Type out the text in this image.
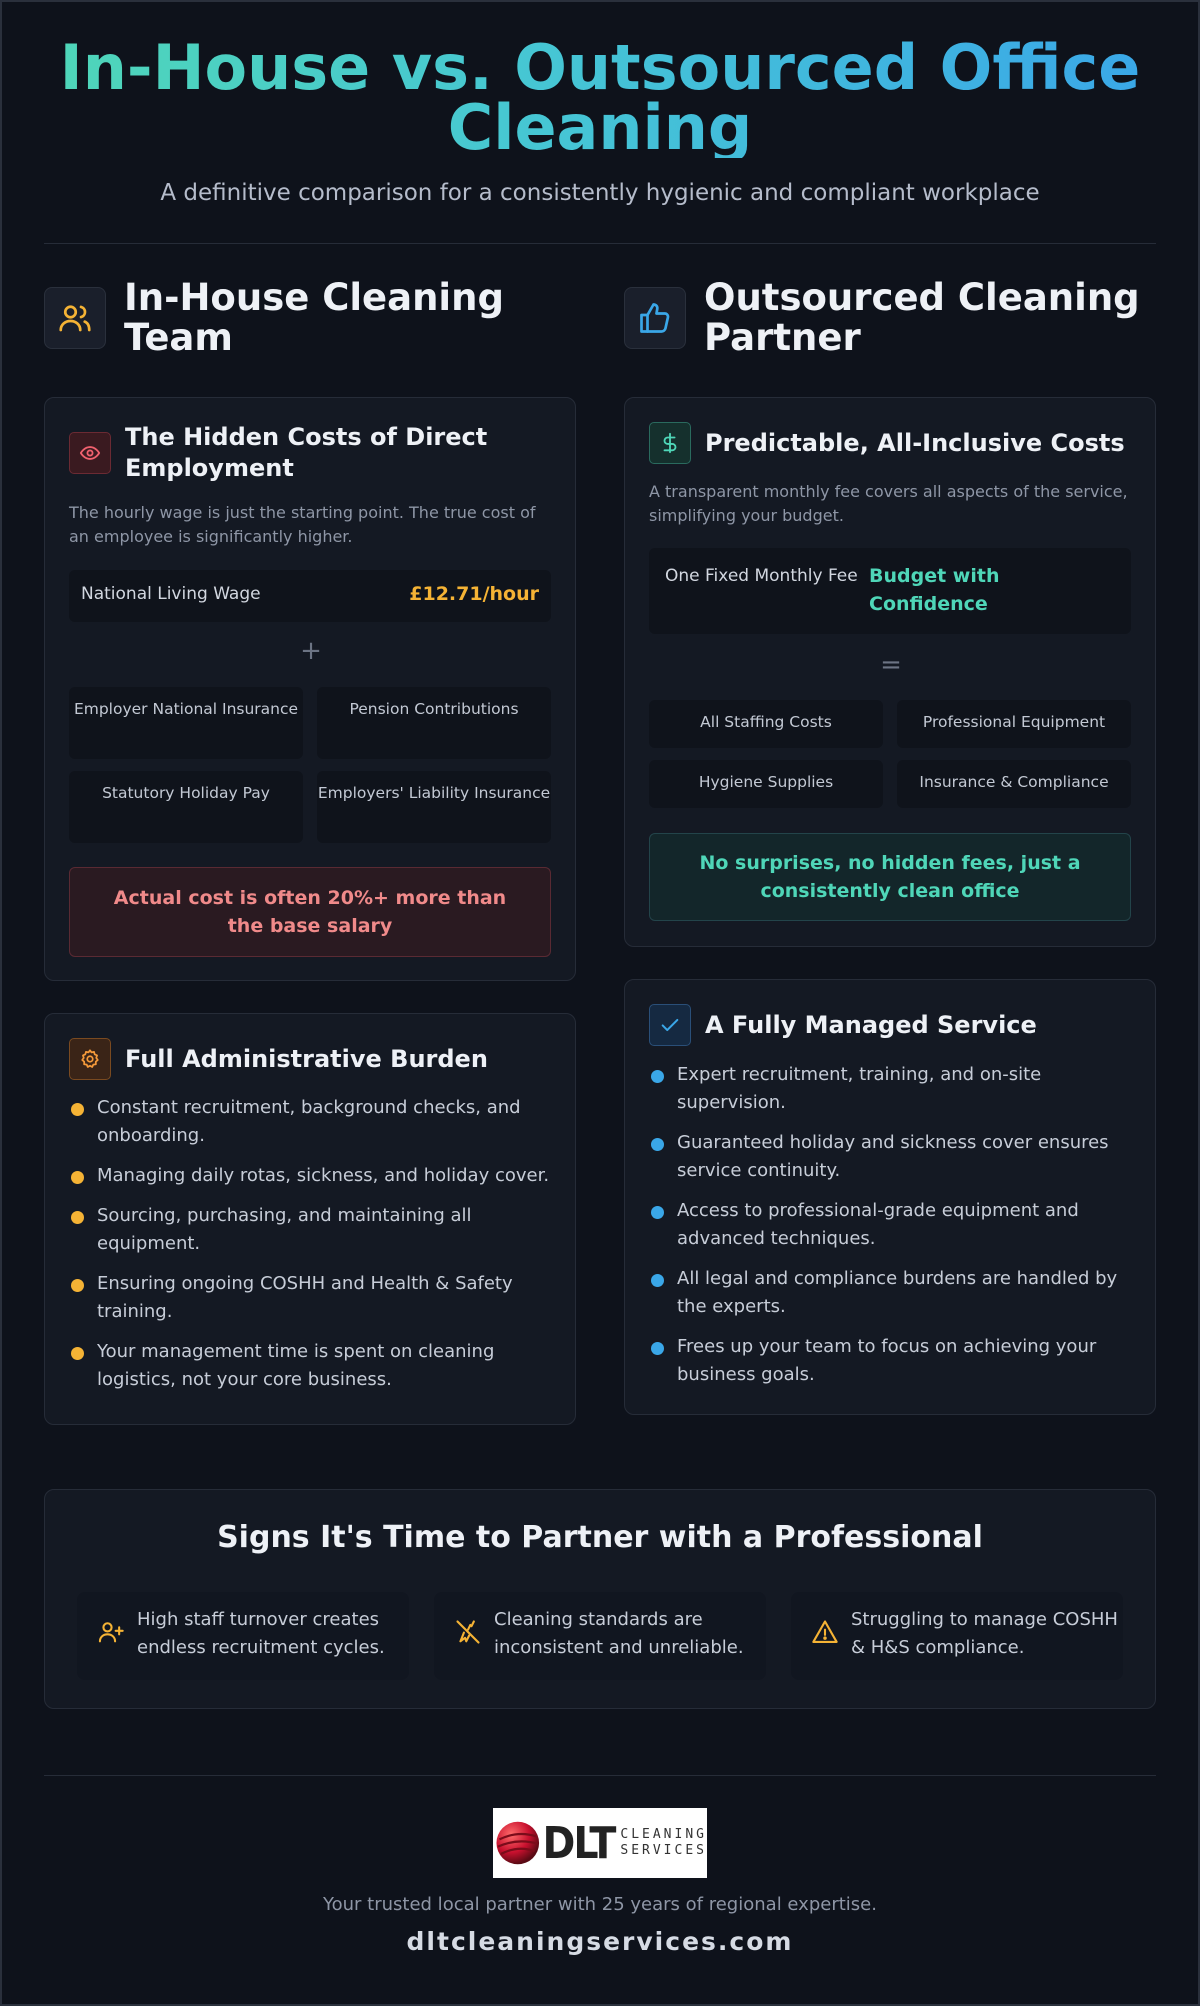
In-House vs. Outsourced Office Cleaning

A definitive comparison for a consistently hygienic and compliant workplace

In-House Cleaning Team
Outsourced Cleaning Partner
The Hidden Costs of Direct Employment
The hourly wage is just the starting point. The true cost of an employee is significantly higher.
National Living Wage	£12.71/hour
+
Employer National Insurance	Pension Contributions
Statutory Holiday Pay	Employers' Liability Insurance
Actual cost is often 20%+ more than the base salary
Full Administrative Burden
Constant recruitment, background checks, and onboarding.
Managing daily rotas, sickness, and holiday cover.
Sourcing, purchasing, and maintaining all equipment.
Ensuring ongoing COSHH and Health & Safety training.
Your management time is spent on cleaning logistics, not your core business.
Predictable, All-Inclusive Costs
A transparent monthly fee covers all aspects of the service, simplifying your budget.
One Fixed Monthly Fee Budget with Confidence
=
All Staffing Costs	Professional Equipment
Hygiene Supplies	Insurance & Compliance
No surprises, no hidden fees, just a consistently clean office
A Fully Managed Service
Expert recruitment, training, and on-site supervision.
Guaranteed holiday and sickness cover ensures service continuity.
Access to professional-grade equipment and advanced techniques.
All legal and compliance burdens are handled by the experts.
Frees up your team to focus on achieving your business goals.
Signs It's Time to Partner with a Professional
High staff turnover creates endless recruitment cycles.
Cleaning standards are inconsistent and unreliable.
Struggling to manage COSHH & H&S compliance.
DLT CLEANING
SERVICES
Your trusted local partner with 25 years of regional expertise.
dltcleaningservices.com
